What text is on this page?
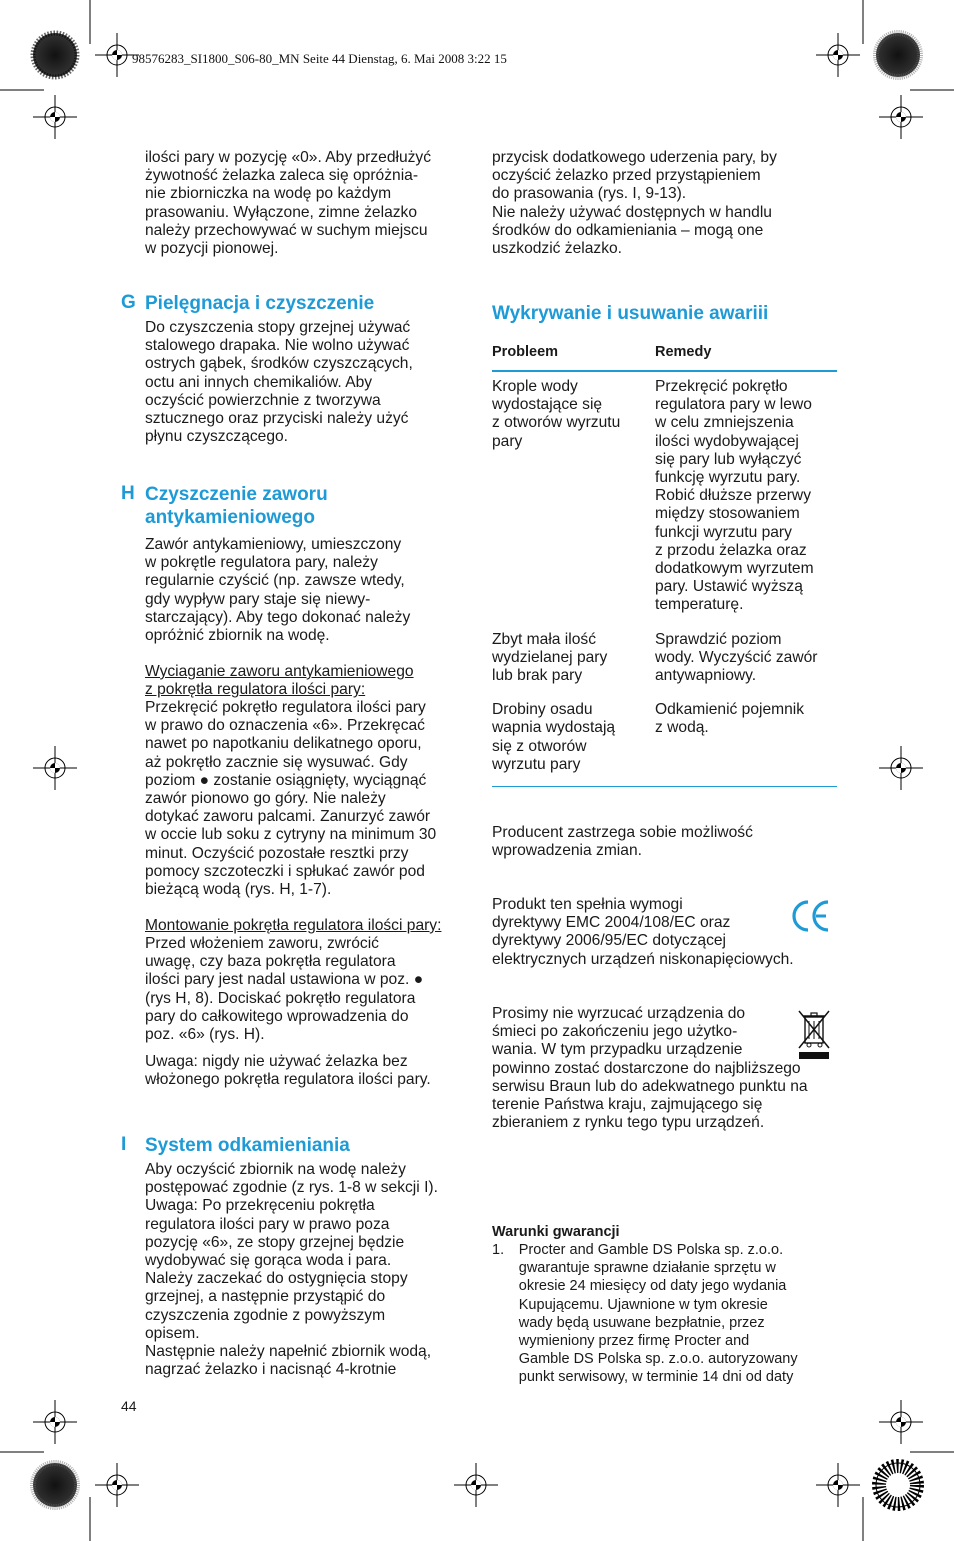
98576283_SI1800_S06-80_MN Seite 44 Dienstag, 6. Mai 2008 3:22 15

ilości pary w pozycję «0». Aby przedłużyć
żywotność żelazka zaleca się opróżnia-
nie zbiorniczka na wodę po każdym
prasowaniu. Wyłączone, zimne żelazko
należy przechowywać w suchym miejscu
w pozycji pionowej.

G Pielęgnacja i czyszczenie

Do czyszczenia stopy grzejnej używać
stalowego drapaka. Nie wolno używać
ostrych gąbek, środków czyszczących,
octu ani innych chemikaliów. Aby
oczyścić powierzchnie z tworzywa
sztucznego oraz przyciski należy użyć
płynu czyszczącego.

H Czyszczenie zaworu
antykamieniowego

Zawór antykamieniowy, umieszczony
w pokrętle regulatora pary, należy
regularnie czyścić (np. zawsze wtedy,
gdy wypływ pary staje się niewy-
starczający). Aby tego dokonać należy
opróżnić zbiornik na wodę.

Wyciaganie zaworu antykamieniowego
z pokrętła regulatora ilości pary:

Przekręcić pokrętło regulatora ilości pary
w prawo do oznaczenia «6». Przekręcać
nawet po napotkaniu delikatnego oporu,
aż pokrętło zacznie się wysuwać. Gdy
poziom ● zostanie osiągnięty, wyciągnąć
zawór pionowo go góry. Nie należy
dotykać zaworu palcami. Zanurzyć zawór
w occie lub soku z cytryny na minimum 30
minut. Oczyścić pozostałe resztki przy
pomocy szczoteczki i spłukać zawór pod
bieżącą wodą (rys. H, 1-7).

Montowanie pokrętła regulatora ilości pary:

Przed włożeniem zaworu, zwrócić
uwagę, czy baza pokrętła regulatora
ilości pary jest nadal ustawiona w poz. ●
(rys H, 8). Dociskać pokrętło regulatora
pary do całkowitego wprowadzenia do
poz. «6» (rys. H).

Uwaga: nigdy nie używać żelazka bez
włożonego pokrętła regulatora ilości pary.

I System odkamieniania

Aby oczyścić zbiornik na wodę należy
postępować zgodnie (z rys. 1-8 w sekcji I).
Uwaga: Po przekręceniu pokrętła
regulatora ilości pary w prawo poza
pozycję «6», ze stopy grzejnej będzie
wydobywać się gorąca woda i para.
Należy zaczekać do ostygnięcia stopy
grzejnej, a następnie przystąpić do
czyszczenia zgodnie z powyższym
opisem.
Następnie należy napełnić zbiornik wodą,
nagrzać żelazko i nacisnąć 4-krotnie

44

przycisk dodatkowego uderzenia pary, by
oczyścić żelazko przed przystąpieniem
do prasowania (rys. I, 9-13).
Nie należy używać dostępnych w handlu
środków do odkamieniania – mogą one
uszkodzić żelazko.

Wykrywanie i usuwanie awariii
Probleem	Remedy
Krople wody
wydostające się
z otworów wyrzutu
pary
Przekręcić pokrętło
regulatora pary w lewo
w celu zmniejszenia
ilości wydobywającej
się pary lub wyłączyć
funkcję wyrzutu pary.
Robić dłuższe przerwy
między stosowaniem
funkcji wyrzutu pary
z przodu żelazka oraz
dodatkowym wyrzutem
pary. Ustawić wyższą
temperaturę.
Zbyt mała ilość
wydzielanej pary
lub brak pary
Sprawdzić poziom
wody. Wyczyścić zawór
antywapniowy.
Drobiny osadu
wapnia wydostają
się z otworów
wyrzutu pary
Odkamienić pojemnik
z wodą.

Producent zastrzega sobie możliwość
wprowadzenia zmian.

Produkt ten spełnia wymogi
dyrektywy EMC 2004/108/EC oraz
dyrektywy 2006/95/EC dotyczącej
elektrycznych urządzeń niskonapięciowych.

Prosimy nie wyrzucać urządzenia do
śmieci po zakończeniu jego użytko-
wania. W tym przypadku urządzenie
powinno zostać dostarczone do najbliższego
serwisu Braun lub do adekwatnego punktu na
terenie Państwa kraju, zajmującego się
zbieraniem z rynku tego typu urządzeń.

Warunki gwarancji

1.	Procter and Gamble DS Polska sp. z.o.o.
gwarantuje sprawne działanie sprzętu w
okresie 24 miesięcy od daty jego wydania
Kupującemu. Ujawnione w tym okresie
wady będą usuwane bezpłatnie, przez
wymieniony przez firmę Procter and
Gamble DS Polska sp. z.o.o. autoryzowany
punkt serwisowy, w terminie 14 dni od daty
